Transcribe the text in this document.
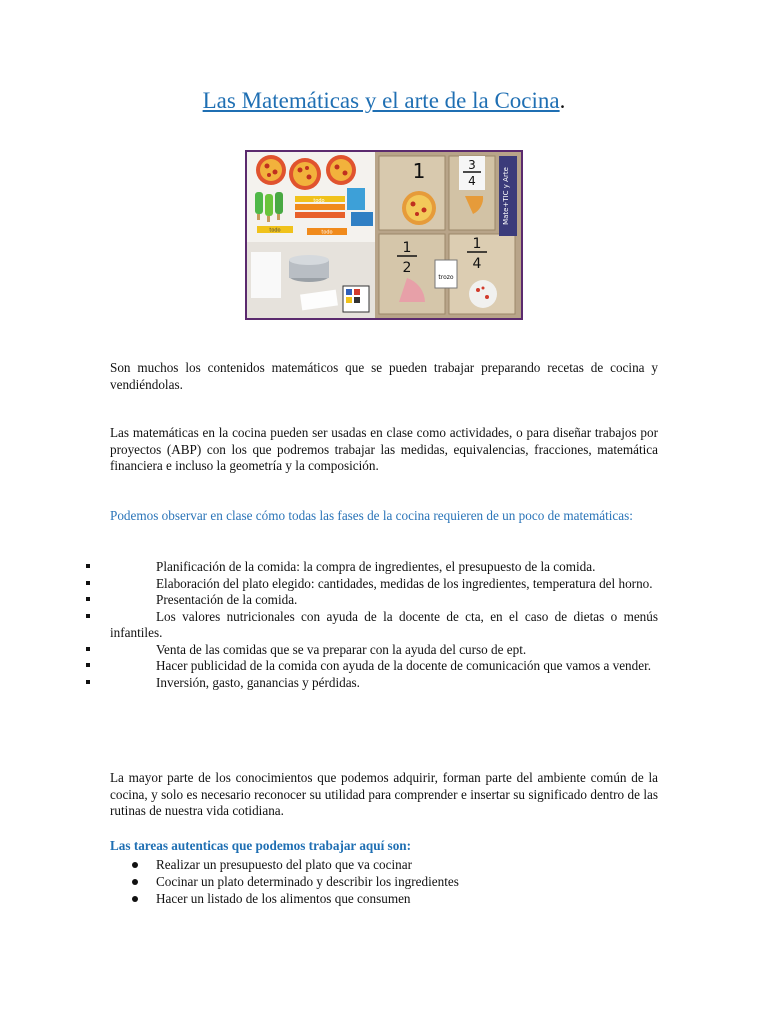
Las Matemáticas y el arte de la Cocina.
todo
todo	todo
1	3
4
1
2
1
4
trozo
Mate+TIC y Arte

Son muchos los contenidos matemáticos que se pueden trabajar preparando recetas de cocina y vendiéndolas.

Las matemáticas en la cocina pueden ser usadas en clase como actividades, o para diseñar trabajos por proyectos (ABP) con los que podremos trabajar las medidas, equivalencias, fracciones, matemática financiera e incluso la geometría y la composición.

Podemos observar en clase cómo todas las fases de la cocina requieren de un poco de matemáticas:

Planificación de la comida: la compra de ingredientes, el presupuesto de la comida.
Elaboración del plato elegido: cantidades, medidas de los ingredientes, temperatura del horno.
Presentación de la comida.
Los valores nutricionales con ayuda de la docente de cta, en el caso de dietas o menús infantiles.
Venta de las comidas que se va preparar con la ayuda del curso de ept.
Hacer publicidad de la comida con ayuda de la docente de comunicación que vamos a vender.
Inversión, gasto, ganancias y pérdidas.

La mayor parte de los conocimientos que podemos adquirir, forman parte del ambiente común de la cocina, y solo es necesario reconocer su utilidad para comprender e insertar su significado dentro de las rutinas de nuestra vida cotidiana.

Las tareas autenticas que podemos trabajar aquí son:

Realizar un presupuesto del plato que va cocinar
Cocinar un plato determinado y describir los ingredientes
Hacer un listado de los alimentos que consumen
